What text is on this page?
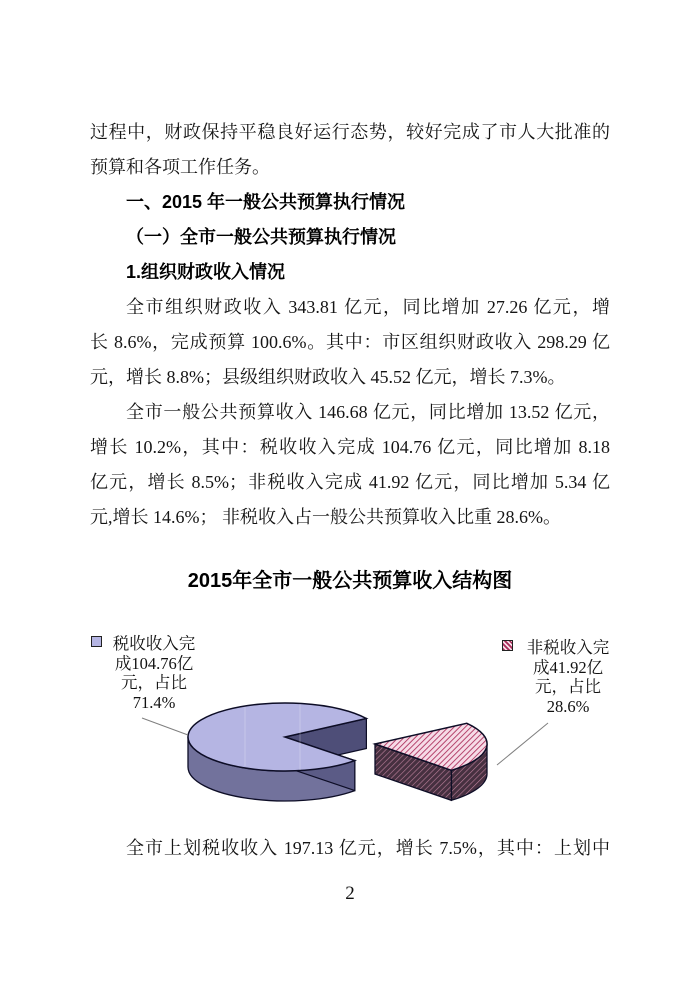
过程中，财政保持平稳良好运行态势，较好完成了市人大批准的
预算和各项工作任务。
一、2015 年一般公共预算执行情况
（一）全市一般公共预算执行情况
1.组织财政收入情况
全市组织财政收入 343.81 亿元，同比增加 27.26 亿元，增
长 8.6%，完成预算 100.6%。其中：市区组织财政收入 298.29 亿
元，增长 8.8%；县级组织财政收入 45.52 亿元，增长 7.3%。
全市一般公共预算收入 146.68 亿元，同比增加 13.52 亿元，
增长 10.2%，其中：税收收入完成 104.76 亿元，同比增加 8.18
亿元，增长 8.5%；非税收入完成 41.92 亿元，同比增加 5.34 亿
元,增长 14.6%； 非税收入占一般公共预算收入比重 28.6%。
2015年全市一般公共预算收入结构图
税收收入完
成104.76亿
元，占比
71.4%
非税收入完
成41.92亿
元，占比
28.6%
全市上划税收收入 197.13 亿元，增长 7.5%，其中：上划中
2
